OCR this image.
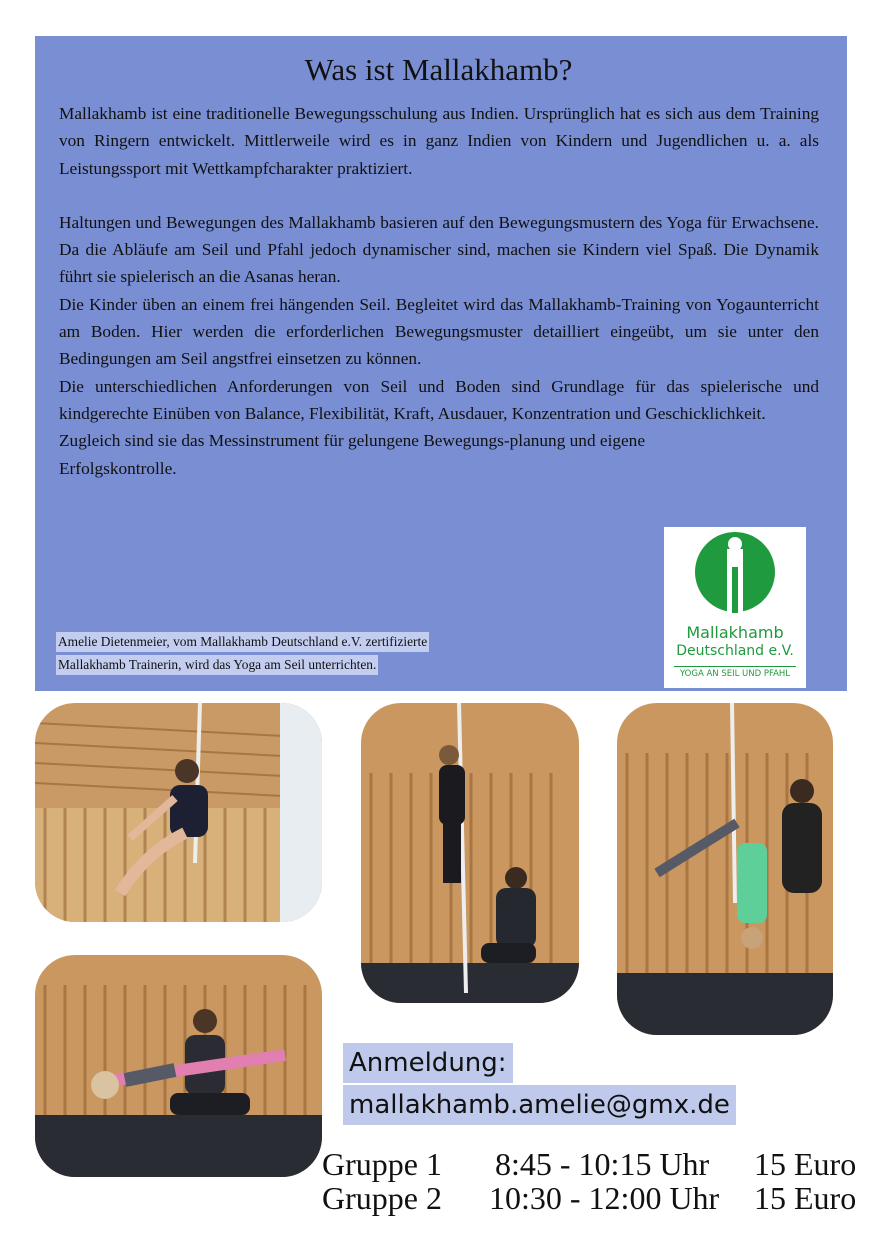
Was ist Mallakhamb?

Mallakhamb ist eine traditionelle Bewegungsschulung aus Indien. Ursprünglich hat es sich aus dem Training von Ringern entwickelt. Mittlerweile wird es in ganz Indien von Kindern und Jugendlichen u. a. als Leistungssport mit Wettkampfcharakter praktiziert.

Haltungen und Bewegungen des Mallakhamb basieren auf den Bewegungsmustern des Yoga für Erwachsene. Da die Abläufe am Seil und Pfahl jedoch dynamischer sind, machen sie Kindern viel Spaß. Die Dynamik führt sie spielerisch an die Asanas heran.

Die Kinder üben an einem frei hängenden Seil. Begleitet wird das Mallakhamb-Training von Yogaunterricht am Boden. Hier werden die erforderlichen Bewegungsmuster detailliert eingeübt, um sie unter den Bedingungen am Seil angstfrei einsetzen zu können.

Die unterschiedlichen Anforderungen von Seil und Boden sind Grundlage für das spielerische und kindgerechte Einüben von Balance, Flexibilität, Kraft, Ausdauer, Konzentration und Geschicklichkeit.

Zugleich sind sie das Messinstrument für gelungene Bewegungs-planung und eigene Erfolgskontrolle.

Amelie Dietenmeier, vom Mallakhamb Deutschland e.V. zertifizierte
Mallakhamb Trainerin, wird das Yoga am Seil unterrichten.
Mallakhamb
Deutschland e.V.
YOGA AN SEIL UND PFAHL
Anmeldung:
mallakhamb.amelie@gmx.de
Gruppe 1 8:45 - 10:15 Uhr 15 Euro
Gruppe 2 10:30 - 12:00 Uhr 15 Euro
